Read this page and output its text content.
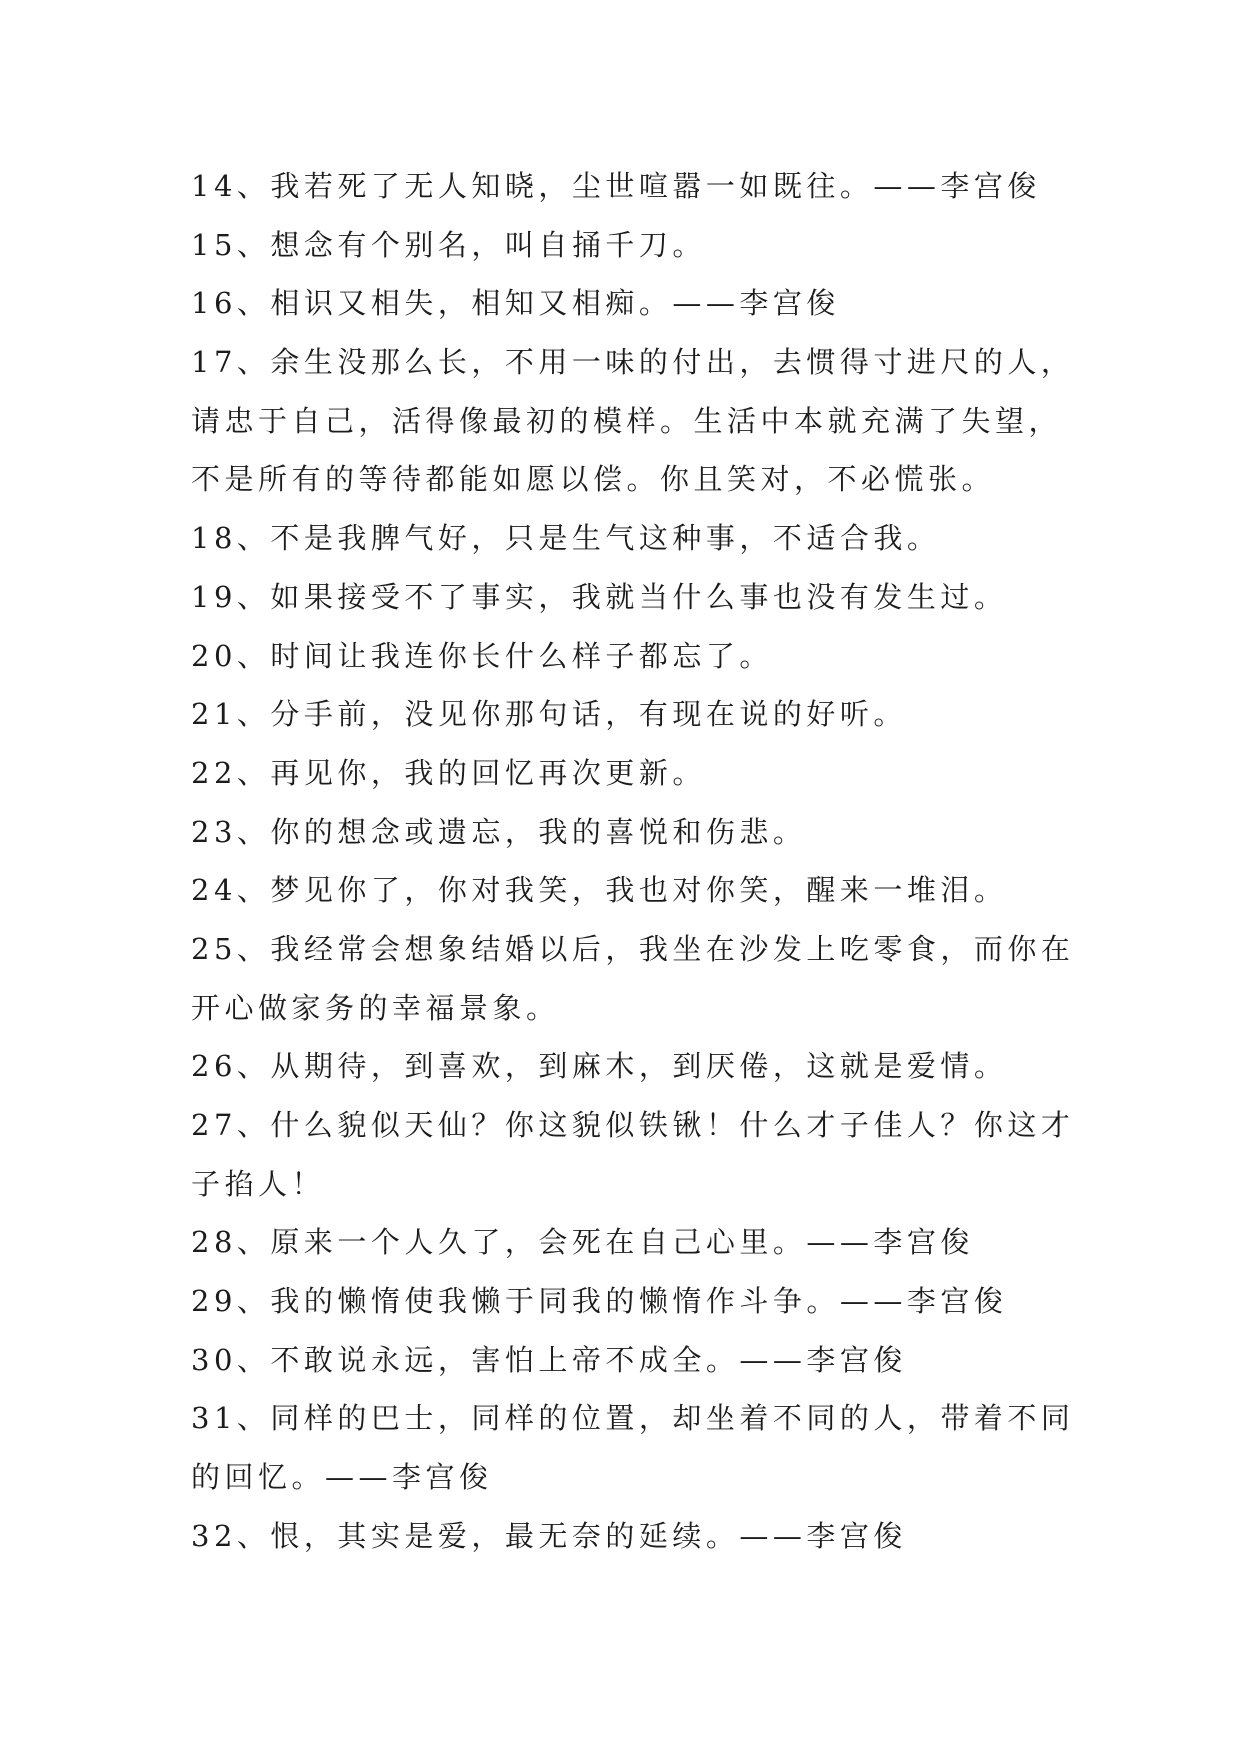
14、我若死了无人知晓，尘世喧嚣一如既往。——李宫俊

15、想念有个别名，叫自捅千刀。

16、相识又相失，相知又相痴。——李宫俊

17、余生没那么长，不用一味的付出，去惯得寸进尺的人，
请忠于自己，活得像最初的模样。生活中本就充满了失望，
不是所有的等待都能如愿以偿。你且笑对，不必慌张。

18、不是我脾气好，只是生气这种事，不适合我。

19、如果接受不了事实，我就当什么事也没有发生过。

20、时间让我连你长什么样子都忘了。

21、分手前，没见你那句话，有现在说的好听。

22、再见你，我的回忆再次更新。

23、你的想念或遗忘，我的喜悦和伤悲。

24、梦见你了，你对我笑，我也对你笑，醒来一堆泪。

25、我经常会想象结婚以后，我坐在沙发上吃零食，而你在
开心做家务的幸福景象。

26、从期待，到喜欢，到麻木，到厌倦，这就是爱情。

27、什么貌似天仙？你这貌似铁锹！什么才子佳人？你这才
子掐人！

28、原来一个人久了，会死在自己心里。——李宫俊

29、我的懒惰使我懒于同我的懒惰作斗争。——李宫俊

30、不敢说永远，害怕上帝不成全。——李宫俊

31、同样的巴士，同样的位置，却坐着不同的人，带着不同
的回忆。——李宫俊

32、恨，其实是爱，最无奈的延续。——李宫俊
